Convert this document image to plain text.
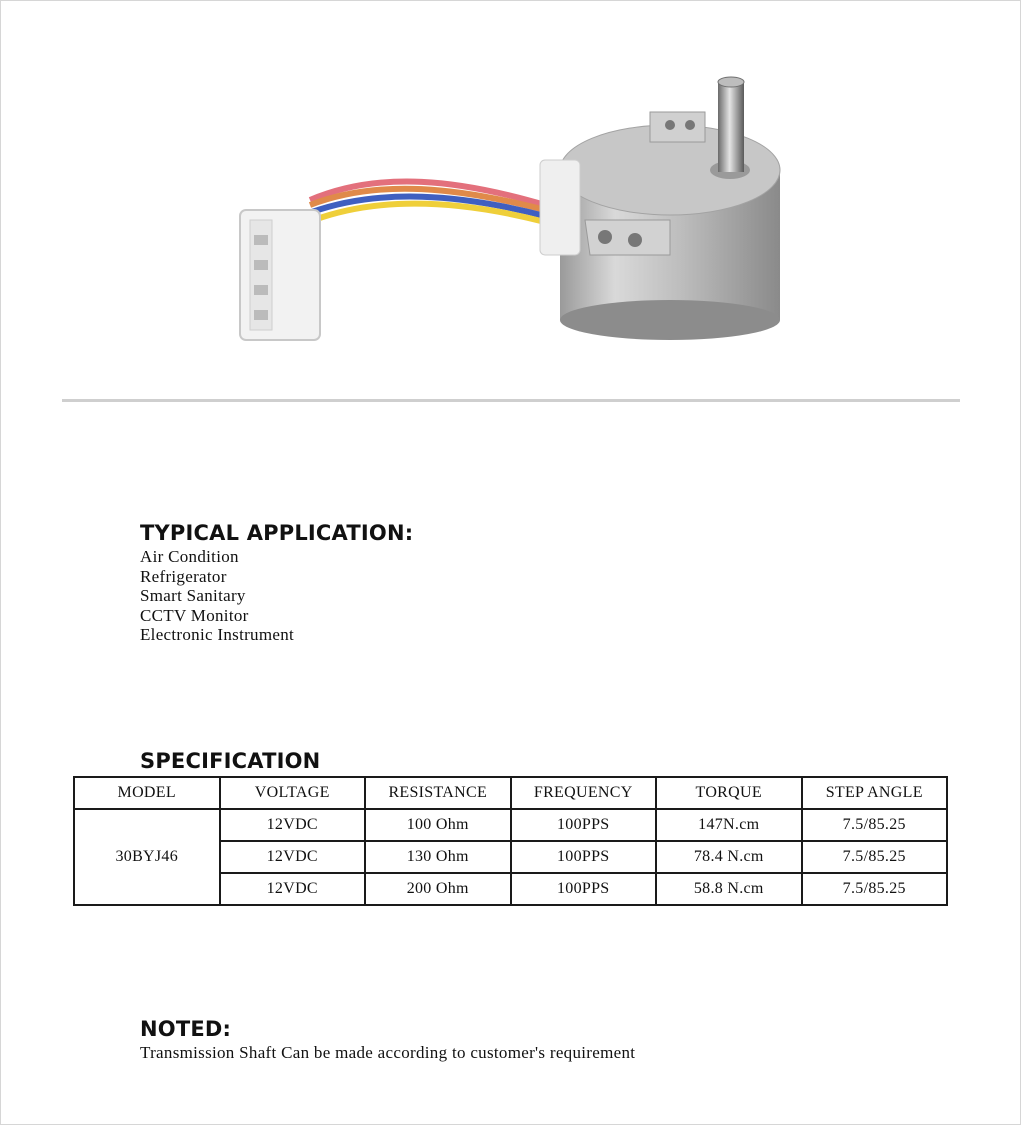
TYPICAL APPLICATION:
Air Condition
Refrigerator
Smart Sanitary
CCTV Monitor
Electronic Instrument
SPECIFICATION
MODEL	VOLTAGE	RESISTANCE	FREQUENCY	TORQUE	STEP ANGLE
30BYJ46	12VDC	100 Ohm	100PPS	147N.cm	7.5/85.25
	12VDC	130 Ohm	100PPS	78.4 N.cm	7.5/85.25
	12VDC	200 Ohm	100PPS	58.8 N.cm	7.5/85.25
NOTED:

Transmission Shaft Can be made according to customer's requirement
